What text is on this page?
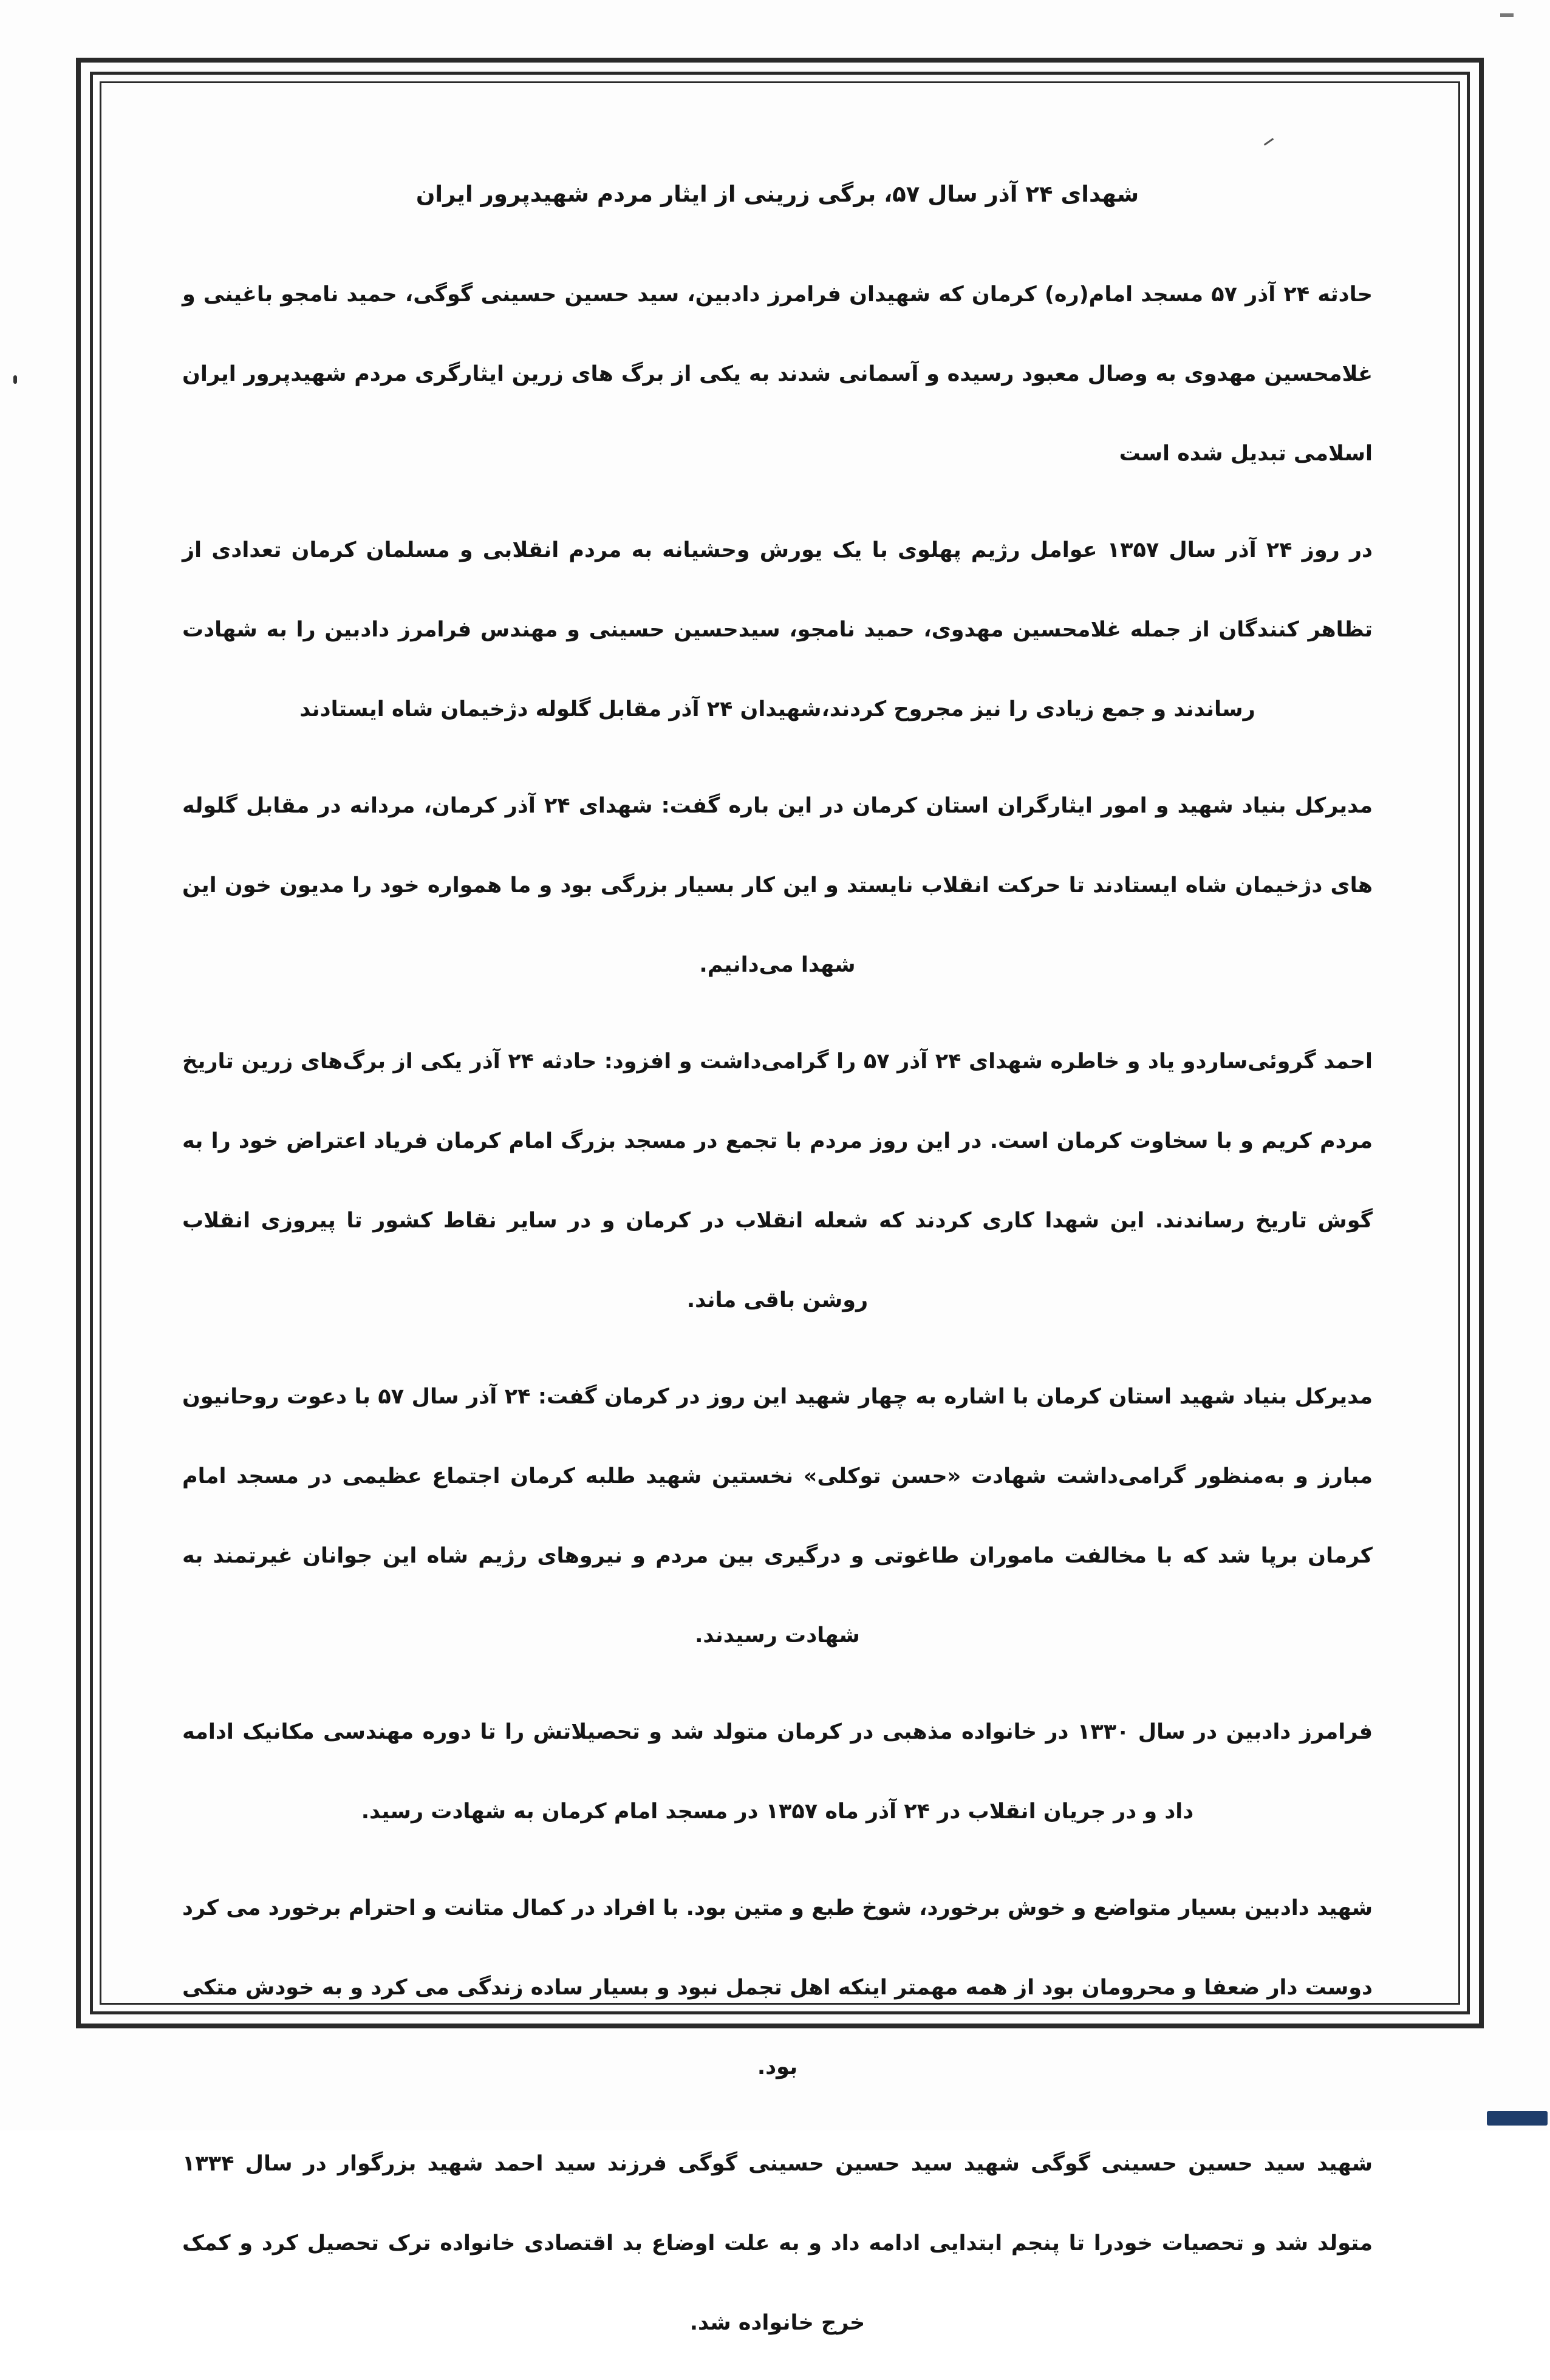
شهدای ۲۴ آذر سال ۵۷، برگی زرینی از ایثار مردم شهیدپرور ایران

حادثه ۲۴ آذر ۵۷ مسجد امام(ره) کرمان که شهیدان فرامرز دادبین، سید حسین حسینی گوگی، حمید نامجو باغینی و غلامحسین مهدوی به وصال معبود رسیده و آسمانی شدند به یکی از برگ های زرین ایثارگری مردم شهیدپرور ایران اسلامی تبدیل شده است

در روز ۲۴ آذر سال ۱۳۵۷ عوامل رژیم پهلوی با یک یورش وحشیانه به مردم انقلابی و مسلمان کرمان تعدادی از تظاهر کنندگان از جمله غلامحسین مهدوی، حمید نامجو، سیدحسین حسینی و مهندس فرامرز دادبین را به شهادت رساندند و جمع زیادی را نیز مجروح کردند،شهیدان ۲۴ آذر مقابل گلوله دژخیمان شاه ایستادند

مدیرکل بنیاد شهید و امور ایثارگران استان کرمان در این باره گفت: شهدای ۲۴ آذر کرمان، مردانه در مقابل گلوله های دژخیمان شاه ایستادند تا حرکت انقلاب نایستد و این کار بسیار بزرگی بود و ما همواره خود را مدیون خون این شهدا می‌دانیم.

احمد گروئی‌ساردو یاد و خاطره شهدای ۲۴ آذر ۵۷ را گرامی‌داشت و افزود: حادثه ۲۴ آذر یکی از برگ‌های زرین تاریخ مردم کریم و با سخاوت کرمان است. در این روز مردم با تجمع در مسجد بزرگ امام کرمان فریاد اعتراض خود را به گوش تاریخ رساندند. این شهدا کاری کردند که شعله انقلاب در کرمان و در سایر نقاط کشور تا پیروزی انقلاب روشن باقی ماند.

مدیرکل بنیاد شهید استان کرمان با اشاره به چهار شهید این روز در کرمان گفت: ۲۴ آذر سال ۵۷ با دعوت روحانیون مبارز و به‌منظور گرامی‌داشت شهادت «حسن توکلی» نخستین شهید طلبه کرمان اجتماع عظیمی در مسجد امام کرمان برپا شد که با مخالفت ماموران طاغوتی و درگیری بین مردم و نیروهای رژیم شاه این جوانان غیرتمند به شهادت رسیدند.

فرامرز دادبین در سال ۱۳۳۰ در خانواده مذهبی در کرمان متولد شد و تحصیلاتش را تا دوره مهندسی مکانیک ادامه داد و در جریان انقلاب در ۲۴ آذر ماه ۱۳۵۷ در مسجد امام کرمان به شهادت رسید.

شهید دادبین بسیار متواضع و خوش برخورد، شوخ طبع و متین بود. با افراد در کمال متانت و احترام برخورد می کرد دوست دار ضعفا و محرومان بود از همه مهمتر اینکه اهل تجمل نبود و بسیار ساده زندگی می کرد و به خودش متکی بود.

شهید سید حسین حسینی گوگی شهید سید حسین حسینی گوگی فرزند سید احمد شهید بزرگوار در سال ۱۳۳۴ متولد شد و تحصیات خودرا تا پنجم ابتدایی ادامه داد و به علت اوضاع بد اقتصادی خانواده ترک تحصیل کرد و کمک خرج خانواده شد.
